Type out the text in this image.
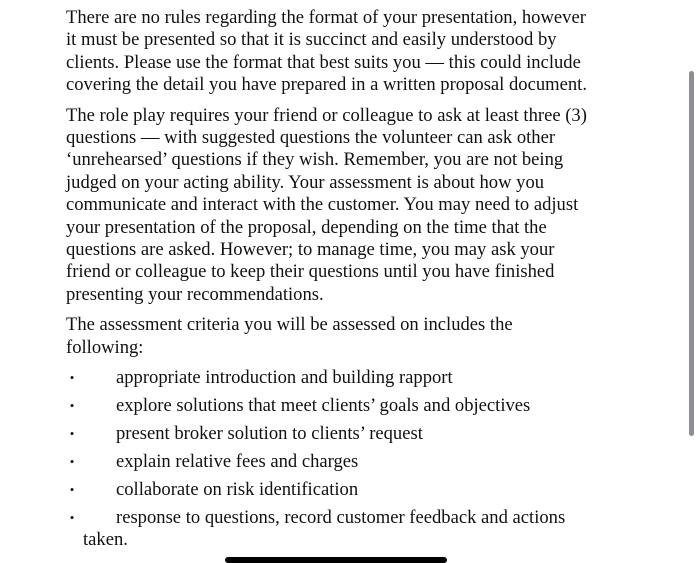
There are no rules regarding the format of your presentation, however
it must be presented so that it is succinct and easily understood by
clients. Please use the format that best suits you — this could include
covering the detail you have prepared in a written proposal document.

The role play requires your friend or colleague to ask at least three (3)
questions — with suggested questions the volunteer can ask other
‘unrehearsed’ questions if they wish. Remember, you are not being
judged on your acting ability. Your assessment is about how you
communicate and interact with the customer. You may need to adjust
your presentation of the proposal, depending on the time that the
questions are asked. However; to manage time, you may ask your
friend or colleague to keep their questions until you have finished
presenting your recommendations.

The assessment criteria you will be assessed on includes the
following:

• appropriate introduction and building rapport
• explore solutions that meet clients’ goals and objectives
• present broker solution to clients’ request
• explain relative fees and charges
• collaborate on risk identification
• response to questions, record customer feedback and actions
taken.
